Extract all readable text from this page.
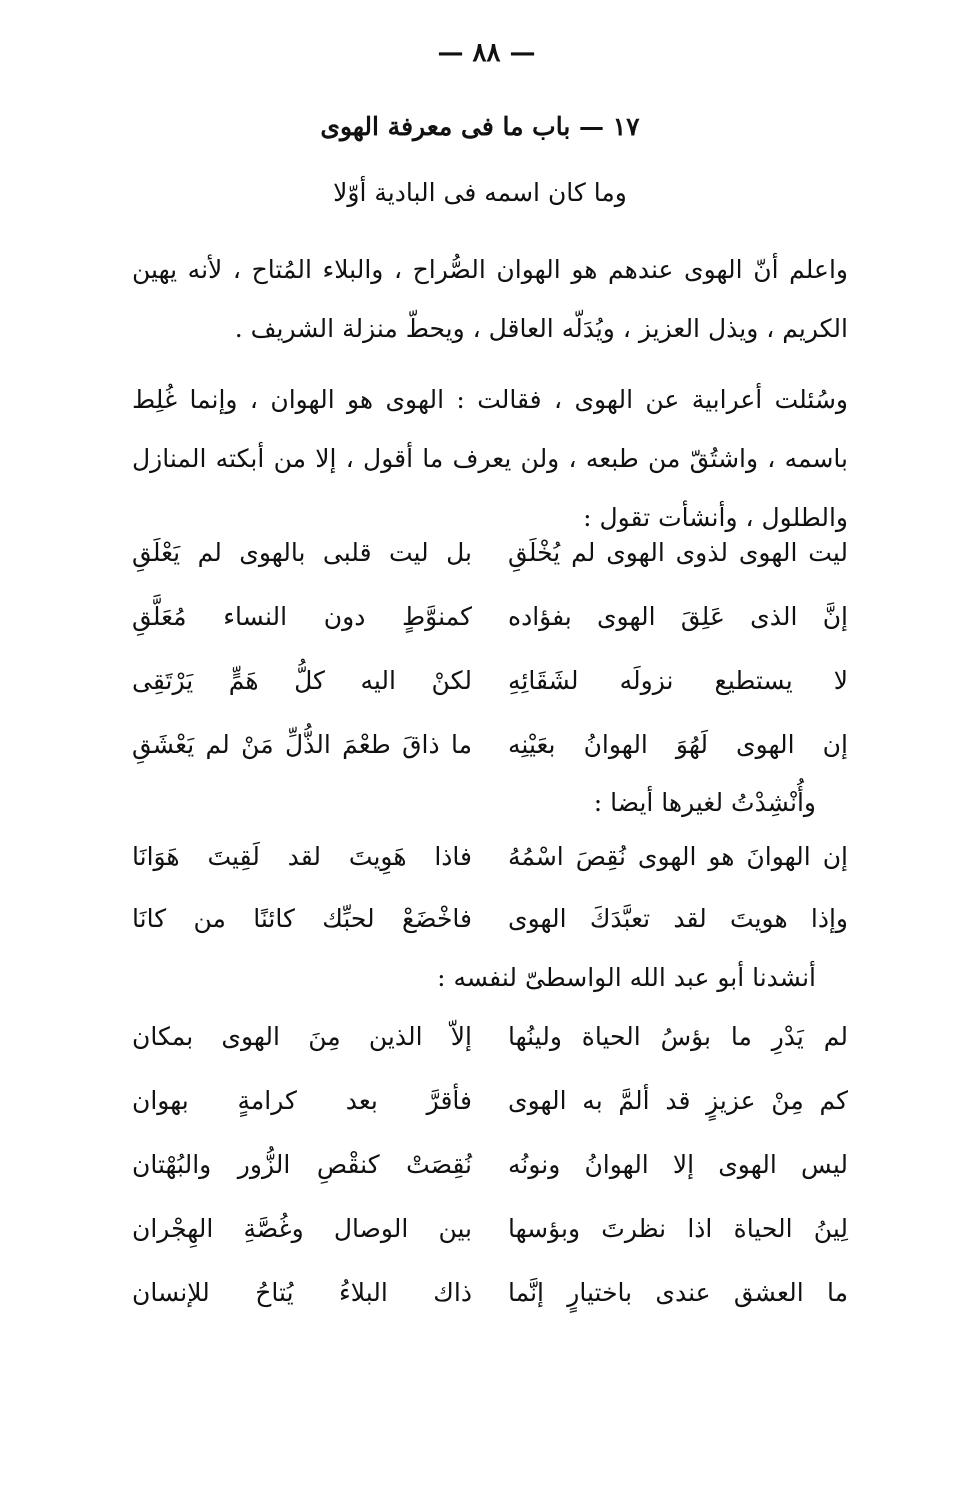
— ٨٨ —
١٧ — باب ما فى معرفة الهوى
وما كان اسمه فى البادية أوّلا
واعلم أنّ الهوى عندهم هو الهوان الصُّراح ، والبلاء المُتاح ، لأنه يهين الكريم ، ويذل العزيز ، ويُدَلّه العاقل ، ويحطّ منزلة الشريف .
وسُئلت أعرابية عن الهوى ، فقالت : الهوى هو الهوان ، وإنما غُلِط باسمه ، واشتُقّ من طبعه ، ولن يعرف ما أقول ، إلا من أبكته المنازل والطلول ، وأنشأت تقول :
ليت الهوى لذوى الهوى لم يُخْلَقِ
بل ليت قلبى بالهوى لم يَعْلَقِ
إنَّ الذى عَلِقَ الهوى بفؤاده
كمنوَّطٍ دون النساء مُعَلَّقِ
لا يستطيع نزولَه لشَقَائِهِ
لكنْ اليه كلُّ هَمٍّ يَرْتَقِى
إن الهوى لَهُوَ الهوانُ بعَيْنِه
ما ذاقَ طعْمَ الذُّلِّ مَنْ لم يَعْشَقِ
وأُنْشِدْتُ لغيرها أيضا :
إن الهوانَ هو الهوى نُقِصَ اسْمُهُ
فاذا هَوِيتَ لقد لَقِيتَ هَوَانَا
وإذا هويتَ لقد تعبَّدَكَ الهوى
فاخْضَعْ لحبِّك كائنًا من كانَا
أنشدنا أبو عبد الله الواسطىّ لنفسه :
لم يَدْرِ ما بؤسُ الحياة ولينُها
إلاّ الذين مِنَ الهوى بمكان
كم مِنْ عزيزٍ قد ألمَّ به الهوى
فأقرَّ بعد كرامةٍ بهوان
ليس الهوى إلا الهوانُ ونونُه
نُقِصَتْ كنقْصِ الزُّور والبُهْتان
لِينُ الحياة اذا نظرتَ وبؤسها
بين الوصال وغُصَّةِ الهِجْران
ما العشق عندى باختيارٍ إنَّما
ذاك البلاءُ يُتاحُ للإنسان
